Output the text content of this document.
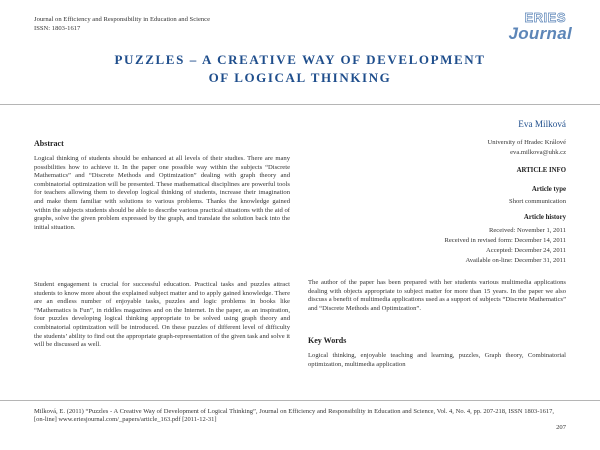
Journal on Efficiency and Responsibility in Education and Science
ISSN: 1803-1617
ERIES
Journal
PUZZLES – A CREATIVE WAY OF DEVELOPMENT
OF LOGICAL THINKING
Eva Milková
University of Hradec Králové
eva.milkova@uhk.cz
ARTICLE INFO
Article type
Short communication
Article history
Received: November 1, 2011
Received in revised form: December 14, 2011
Accepted: December 24, 2011
Available on-line: December 31, 2011
Abstract
Logical thinking of students should be enhanced at all levels of their studies. There are many possibilities how to achieve it. In the paper one possible way within the subjects “Discrete Mathematics” and “Discrete Methods and Optimization” dealing with graph theory and combinatorial optimization will be presented. These mathematical disciplines are powerful tools for teachers allowing them to develop logical thinking of students, increase their imagination and make them familiar with solutions to various problems. Thanks the knowledge gained within the subjects students should be able to describe various practical situations with the aid of graphs, solve the given problem expressed by the graph, and translate the solution back into the initial situation.
Student engagement is crucial for successful education. Practical tasks and puzzles attract students to know more about the explained subject matter and to apply gained knowledge. There are an endless number of enjoyable tasks, puzzles and logic problems in books like “Mathematics is Fun”, in riddles magazines and on the Internet. In the paper, as an inspiration, four puzzles developing logical thinking appropriate to be solved using graph theory and combinatorial optimization will be introduced. On these puzzles of different level of difficulty the students’ ability to find out the appropriate graph-representation of the given task and solve it will be discussed as well.
The author of the paper has been prepared with her students various multimedia applications dealing with objects appropriate to subject matter for more than 15 years. In the paper we also discuss a benefit of multimedia applications used as a support of subjects “Discrete Mathematics” and “Discrete Methods and Optimization”.
Key Words
Logical thinking, enjoyable teaching and learning, puzzles, Graph theory, Combinatorial optimization, multimedia application
Milková, E. (2011) “Puzzles - A Creative Way of Development of Logical Thinking”, Journal on Efficiency and Responsibility in Education and Science, Vol. 4, No. 4, pp. 207-218, ISSN 1803-1617, [on-line] www.eriesjournal.com/_papers/article_163.pdf [2011-12-31]
207
